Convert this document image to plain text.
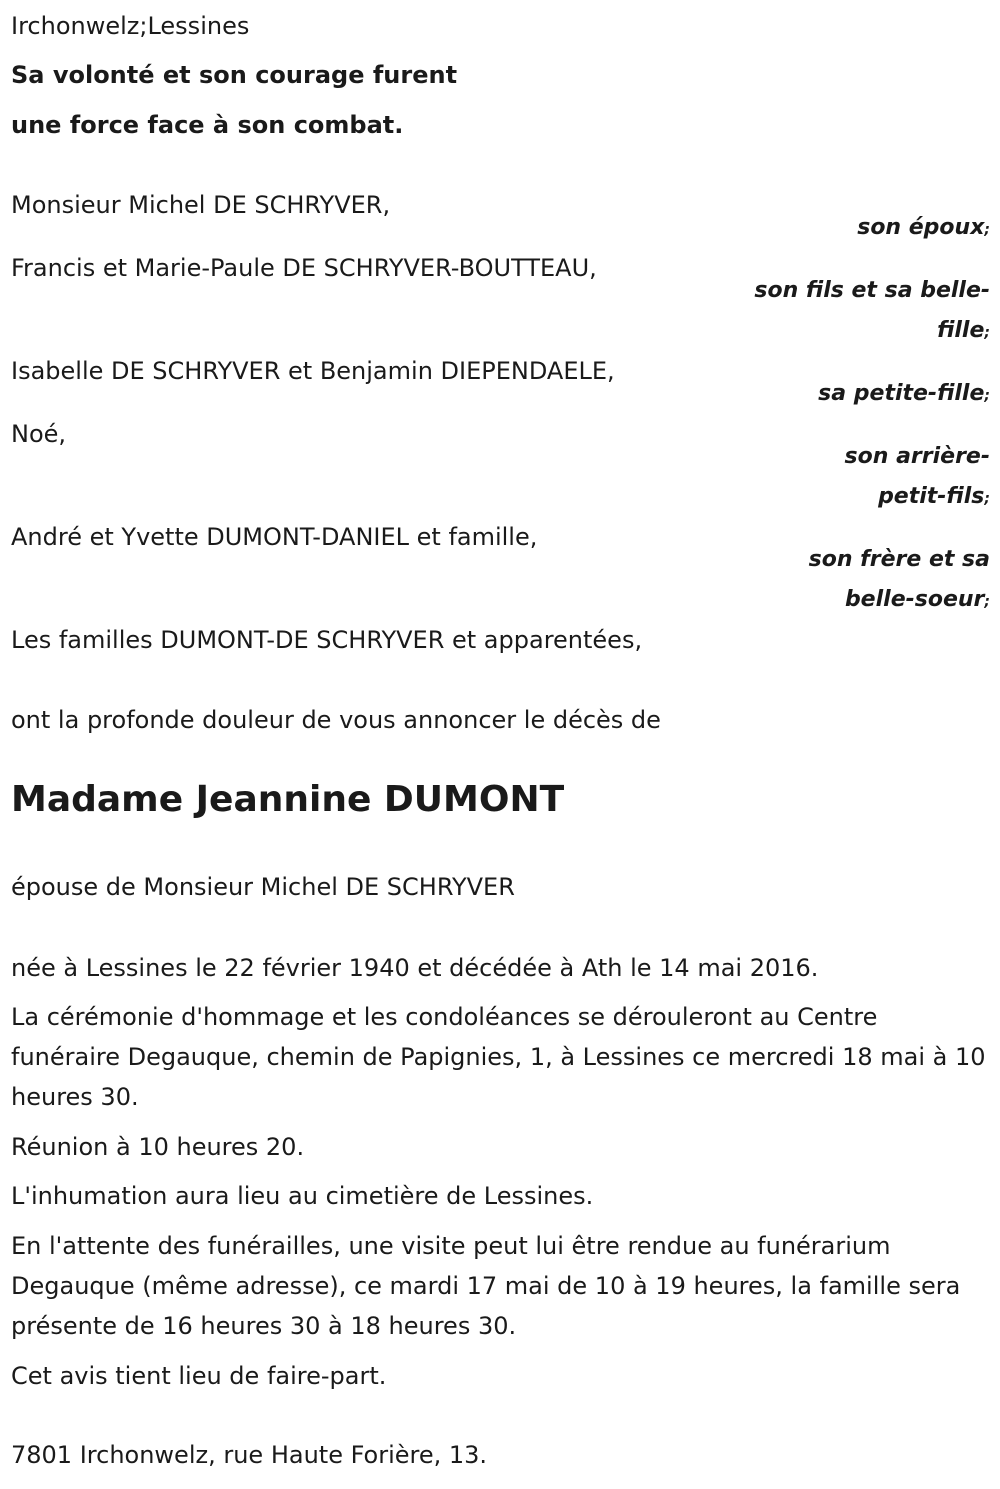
Irchonwelz;Lessines
Sa volonté et son courage furent
une force face à son combat.
Monsieur Michel DE SCHRYVER,
Francis et Marie-Paule DE SCHRYVER-BOUTTEAU,
Isabelle DE SCHRYVER et Benjamin DIEPENDAELE,
Noé,
André et Yvette DUMONT-DANIEL et famille,
Les familles DUMONT-DE SCHRYVER et apparentées,
son époux;
son fils et sa belle-fille;
sa petite-fille;
son arrière-petit-fils;
son frère et sa belle-soeur;
ont la profonde douleur de vous annoncer le décès de
Madame Jeannine DUMONT
épouse de Monsieur Michel DE SCHRYVER
née à Lessines le 22 février 1940 et décédée à Ath le 14 mai 2016.
La cérémonie d'hommage et les condoléances se dérouleront au Centre funéraire Degauque, chemin de Papignies, 1, à Lessines ce mercredi 18 mai à 10 heures 30.
Réunion à 10 heures 20.
L'inhumation aura lieu au cimetière de Lessines.
En l'attente des funérailles, une visite peut lui être rendue au funérarium Degauque (même adresse), ce mardi 17 mai de 10 à 19 heures, la famille sera présente de 16 heures 30 à 18 heures 30.
Cet avis tient lieu de faire-part.
7801 Irchonwelz, rue Haute Forière, 13.
